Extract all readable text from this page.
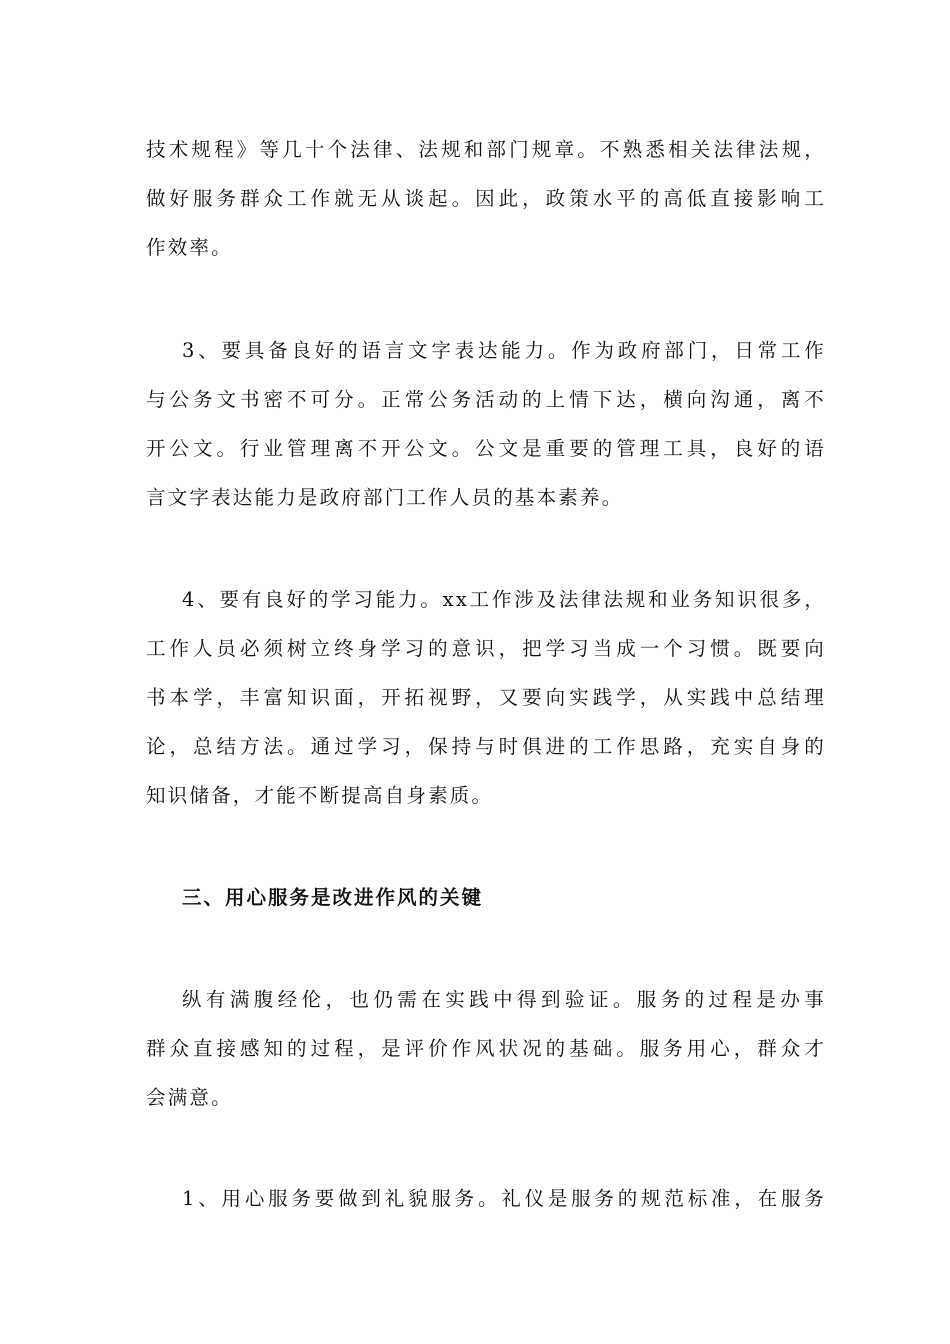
技术规程》等几十个法律、法规和部门规章。不熟悉相关法律法规，
做好服务群众工作就无从谈起。因此，政策水平的高低直接影响工
作效率。
3、要具备良好的语言文字表达能力。作为政府部门，日常工作
与公务文书密不可分。正常公务活动的上情下达，横向沟通，离不
开公文。行业管理离不开公文。公文是重要的管理工具，良好的语
言文字表达能力是政府部门工作人员的基本素养。
4、要有良好的学习能力。xx工作涉及法律法规和业务知识很多，
工作人员必须树立终身学习的意识，把学习当成一个习惯。既要向
书本学，丰富知识面，开拓视野，又要向实践学，从实践中总结理
论，总结方法。通过学习，保持与时俱进的工作思路，充实自身的
知识储备，才能不断提高自身素质。
三、用心服务是改进作风的关键
纵有满腹经伦，也仍需在实践中得到验证。服务的过程是办事
群众直接感知的过程，是评价作风状况的基础。服务用心，群众才
会满意。
1、用心服务要做到礼貌服务。礼仪是服务的规范标准，在服务
